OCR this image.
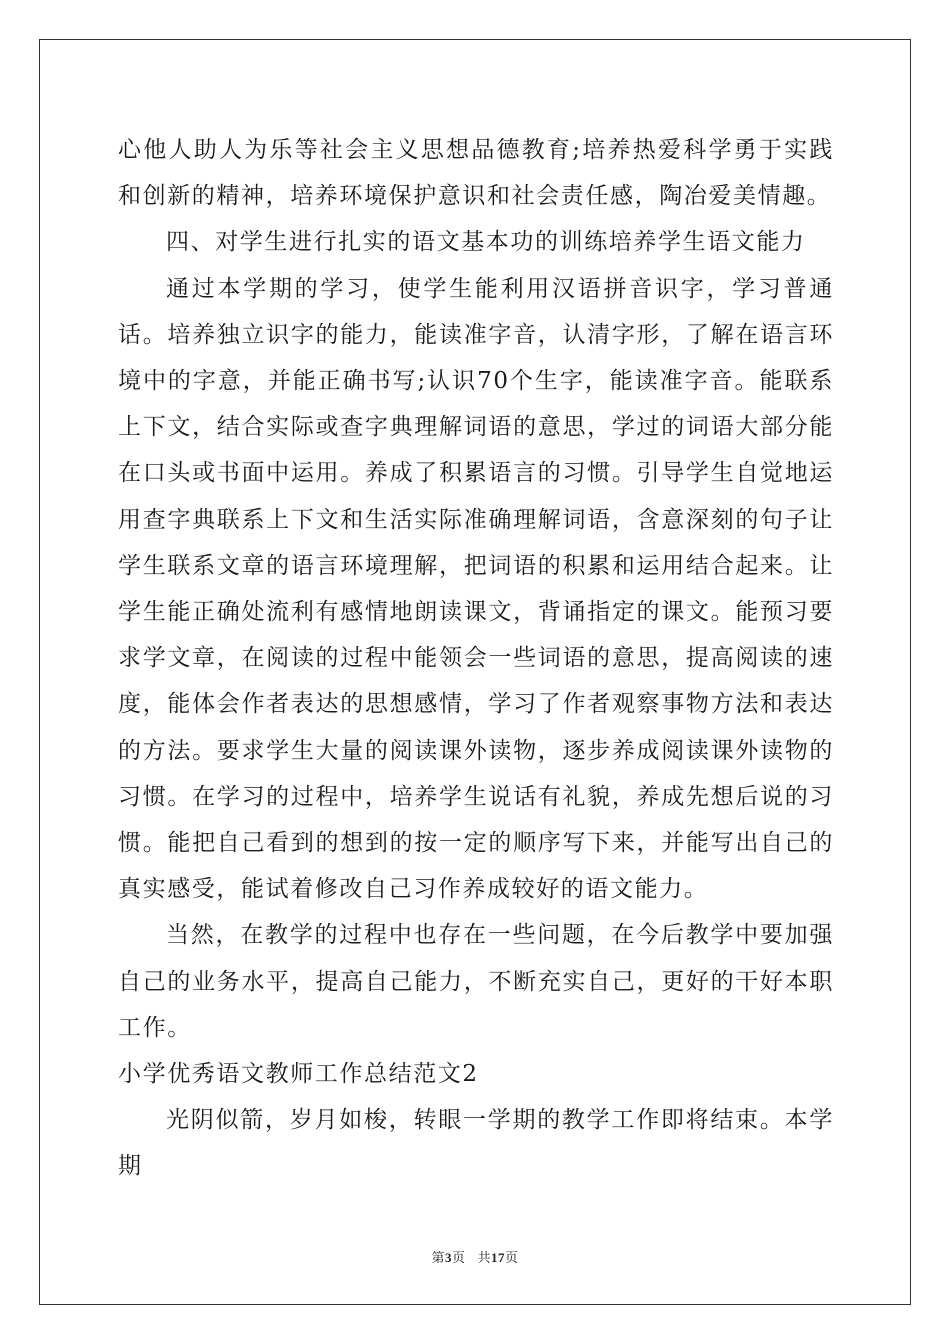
心他人助人为乐等社会主义思想品德教育;培养热爱科学勇于实践和创新的精神，培养环境保护意识和社会责任感，陶冶爱美情趣。

四、对学生进行扎实的语文基本功的训练培养学生语文能力

通过本学期的学习，使学生能利用汉语拼音识字，学习普通话。培养独立识字的能力，能读准字音，认清字形，了解在语言环境中的字意，并能正确书写;认识70个生字，能读准字音。能联系上下文，结合实际或查字典理解词语的意思，学过的词语大部分能在口头或书面中运用。养成了积累语言的习惯。引导学生自觉地运用查字典联系上下文和生活实际准确理解词语，含意深刻的句子让学生联系文章的语言环境理解，把词语的积累和运用结合起来。让学生能正确处流利有感情地朗读课文，背诵指定的课文。能预习要求学文章，在阅读的过程中能领会一些词语的意思，提高阅读的速度，能体会作者表达的思想感情，学习了作者观察事物方法和表达的方法。要求学生大量的阅读课外读物，逐步养成阅读课外读物的习惯。在学习的过程中，培养学生说话有礼貌，养成先想后说的习惯。能把自己看到的想到的按一定的顺序写下来，并能写出自己的真实感受，能试着修改自己习作养成较好的语文能力。

当然，在教学的过程中也存在一些问题，在今后教学中要加强自己的业务水平，提高自己能力，不断充实自己，更好的干好本职工作。

小学优秀语文教师工作总结范文2

光阴似箭，岁月如梭，转眼一学期的教学工作即将结束。本学期

第3页 共17页
